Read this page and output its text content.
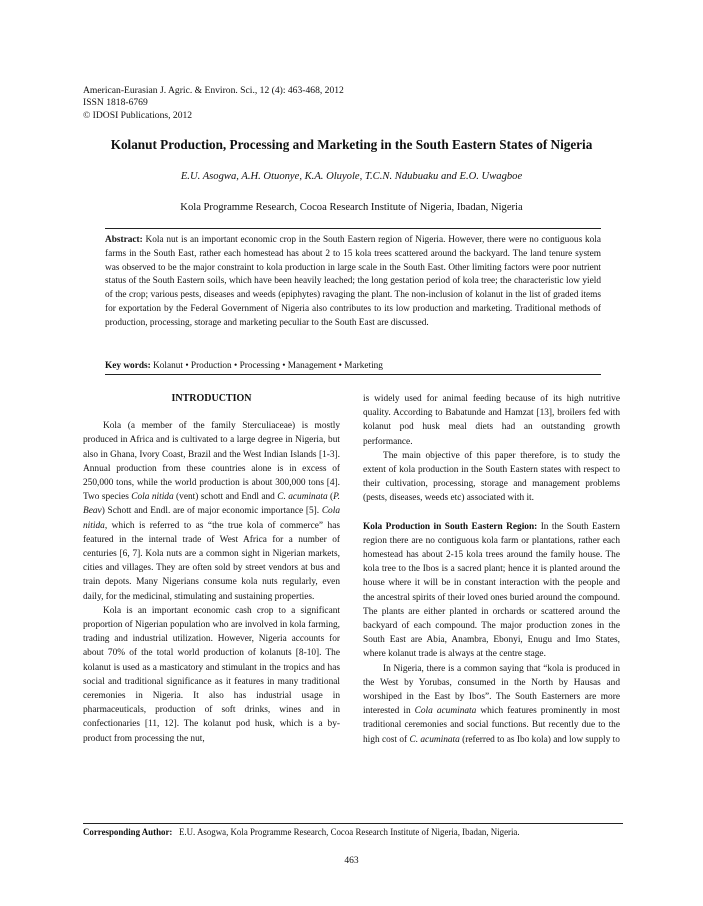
American-Eurasian J. Agric. & Environ. Sci., 12 (4): 463-468, 2012
ISSN 1818-6769
© IDOSI Publications, 2012
Kolanut Production, Processing and Marketing in the South Eastern States of Nigeria
E.U. Asogwa, A.H. Otuonye, K.A. Oluyole, T.C.N. Ndubuaku and E.O. Uwagboe
Kola Programme Research, Cocoa Research Institute of Nigeria, Ibadan, Nigeria
Abstract: Kola nut is an important economic crop in the South Eastern region of Nigeria. However, there were no contiguous kola farms in the South East, rather each homestead has about 2 to 15 kola trees scattered around the backyard. The land tenure system was observed to be the major constraint to kola production in large scale in the South East. Other limiting factors were poor nutrient status of the South Eastern soils, which have been heavily leached; the long gestation period of kola tree; the characteristic low yield of the crop; various pests, diseases and weeds (epiphytes) ravaging the plant. The non-inclusion of kolanut in the list of graded items for exportation by the Federal Government of Nigeria also contributes to its low production and marketing. Traditional methods of production, processing, storage and marketing peculiar to the South East are discussed.
Key words: Kolanut • Production • Processing • Management • Marketing
INTRODUCTION

Kola (a member of the family Sterculiaceae) is mostly produced in Africa and is cultivated to a large degree in Nigeria, but also in Ghana, Ivory Coast, Brazil and the West Indian Islands [1-3]. Annual production from these countries alone is in excess of 250,000 tons, while the world production is about 300,000 tons [4]. Two species Cola nitida (vent) schott and Endl and C. acuminata (P. Beav) Schott and Endl. are of major economic importance [5]. Cola nitida, which is referred to as “the true kola of commerce” has featured in the internal trade of West Africa for a number of centuries [6, 7]. Kola nuts are a common sight in Nigerian markets, cities and villages. They are often sold by street vendors at bus and train depots. Many Nigerians consume kola nuts regularly, even daily, for the medicinal, stimulating and sustaining properties.

Kola is an important economic cash crop to a significant proportion of Nigerian population who are involved in kola farming, trading and industrial utilization. However, Nigeria accounts for about 70% of the total world production of kolanuts [8-10]. The kolanut is used as a masticatory and stimulant in the tropics and has social and traditional significance as it features in many traditional ceremonies in Nigeria. It also has industrial usage in pharmaceuticals, production of soft drinks, wines and in confectionaries [11, 12]. The kolanut pod husk, which is a by-product from processing the nut,

is widely used for animal feeding because of its high nutritive quality. According to Babatunde and Hamzat [13], broilers fed with kolanut pod husk meal diets had an outstanding growth performance.

The main objective of this paper therefore, is to study the extent of kola production in the South Eastern states with respect to their cultivation, processing, storage and management problems (pests, diseases, weeds etc) associated with it.

Kola Production in South Eastern Region: In the South Eastern region there are no contiguous kola farm or plantations, rather each homestead has about 2-15 kola trees around the family house. The kola tree to the Ibos is a sacred plant; hence it is planted around the house where it will be in constant interaction with the people and the ancestral spirits of their loved ones buried around the compound. The plants are either planted in orchards or scattered around the backyard of each compound. The major production zones in the South East are Abia, Anambra, Ebonyi, Enugu and Imo States, where kolanut trade is always at the centre stage.

In Nigeria, there is a common saying that “kola is produced in the West by Yorubas, consumed in the North by Hausas and worshiped in the East by Ibos”. The South Easterners are more interested in Cola acuminata which features prominently in most traditional ceremonies and social functions. But recently due to the high cost of C. acuminata (referred to as Ibo kola) and low supply to

Corresponding Author: E.U. Asogwa, Kola Programme Research, Cocoa Research Institute of Nigeria, Ibadan, Nigeria.
463
